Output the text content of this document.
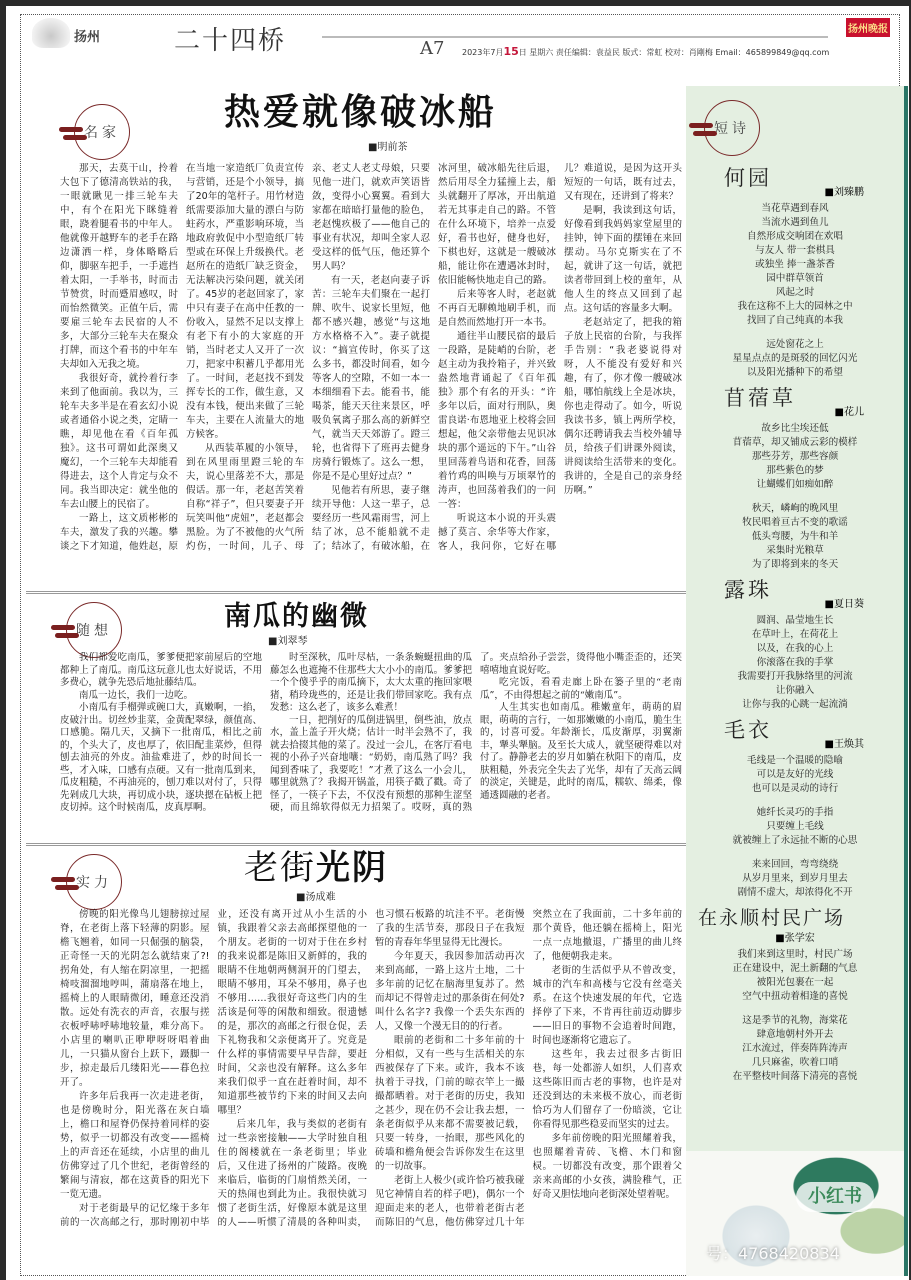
扬州	二十四桥	A7 2023年7月15日 星期六 责任编辑：袁益民 版式：常虹 校对：肖剛梅 Email：465899849@qq.com
扬州晚报
名家	热爱就像破冰船
■明前茶

那天，去莫干山，拎着大包下了德清高铁站的我，一眼就瞅见一排三轮车夫中，有个在阳光下眯缝着眼，跷着腿看书的中年人。他就像开越野车的老手在路边潇洒一样，身体略略后仰，脚驱车把手，一手遮挡着太阳，一手举书，时而击节赞赏，时而蹙眉感叹，时而怡然微笑。正值午后，需要雇三轮车去民宿的人不多，大部分三轮车夫在聚众打牌，而这个看书的中年车夫却如入无我之境。

我很好奇，就拎着行李来到了他面前。我以为，三轮车夫多半是在看玄幻小说或者通俗小说之类，定睛一瞧，却见他在看《百年孤独》。这书可谓如此深奥又魔幻，一个三轮车夫却能看得进去，这个人肯定与众不同。我当即决定：就坐他的车去山腰上的民宿了。

一路上，这文质彬彬的车夫，激发了我的兴趣。攀谈之下才知道，他姓赵，原在当地一家造纸厂负责宣传与营销，还是个小领导，搞了20年的笔杆子。用竹材造纸需要添加大量的漂白与防蛀药水，严重影响环境，当地政府敦促中小型造纸厂转型或在环保上升级换代。老赵所在的造纸厂缺乏资金，无法解决污染问题，就关闭了。45岁的老赵回家了，家中只有妻子在高中任教的一份收入，显然不足以支撑上有老下有小的大家庭的开销，当时老丈人又开了一次刀，把家中积蓄几乎都用光了。一时间，老赵找不到发挥专长的工作，做生意，又没有本钱，便出来做了三轮车夫，主要在人流量大的地方候客。

从西装革履的小领导，到在风里雨里蹬三轮的车夫，说心里落差不大，那是假话。那一年，老赵苦笑着自称“祥子”，但只要妻子开玩笑叫他“虎妞”，老赵都会黑脸。为了不被他的火气所灼伤，一时间，儿子、母亲、老丈人老丈母娘，只要见他一进门，就欢声笑语皆敛，变得小心翼翼。看到大家都在暗暗打量他的脸色，老赵愧疚极了——他自己的事业有状况，却叫全家人忍受这样的低气压，他还算个男人吗？

有一天，老赵向妻子诉苦：三轮车夫们聚在一起打牌、吹牛、说家长里短，他都不感兴趣，感觉“与这地方水格格不入”。妻子就提议：“搞宣传时，你买了这么多书，都没时间看，如今等客人的空隙，不如一本一本细细看下去。能看书，能喝茶，能天天往来景区，呼吸负氧离子那么高的新鲜空气，就当天天郊游了。蹬三轮，也省得下了班再去健身房骑行锻炼了。这么一想，你是不是心里好过点？”

见他若有所思，妻子继续开导他：人这一辈子，总要经历一些风霜雨雪，河上结了冰，总不能船就不走了；结冰了，有破冰船，在冰河里，破冰船先往后退，然后用尽全力猛撞上去，船头就翻开了厚冰，开出航道若无其事走自己的路。不管在什么环境下，培养一点爱好，看书也好，健身也好，下棋也好，这就是一艘破冰船，能让你在遭遇冰封时，依旧能畅快地走自己的路。

后来等客人时，老赵就不再百无聊赖地刷手机，而是自然而然地打开一本书。

通往半山腰民宿的最后一段路，是陡峭的台阶，老赵主动为我拎箱子，并兴致盎然地背诵起了《百年孤独》那个有名的开头：“许多年以后，面对行刑队，奥雷良诺·布恩地亚上校将会回想起，他父亲带他去见识冰块的那个遥远的下午。”山谷里回荡着鸟语和花香，回荡着竹鸡的叫唤与万顷翠竹的涛声，也回荡着我们的一问一答：

听说这本小说的开头震撼了莫言、余华等大作家，客人，我问你，它好在哪儿？难道说，是因为这开头短短的一句话，既有过去，又有现在，还讲到了将来？

是啊，我读到这句话，好像看到我妈妈家堂屋里的挂钟，钟下面的摆锤在来回摆动。马尔克斯实在了不起，就讲了这一句话，就把读者带回到上校的童年，从他人生的终点又回到了起点。这句话的容量多大啊。

老赵站定了，把我的箱子放上民宿的台阶，与我挥手告别：“我老婆说得对呀，人不能没有爱好和兴趣，有了，你才像一艘破冰船，哪怕航线上全是冰块，你也走得动了。如今，听说我读书多，镇上两所学校，偶尔还聘请我去当校外辅导员，给孩子们讲课外阅读，讲阅读给生活带来的变化。我讲的，全是自己的亲身经历啊。”

随想	南瓜的幽微
■刘翠琴

我们都爱吃南瓜，爹爹便把家前屋后的空地都种上了南瓜。南瓜这玩意儿也太好说话，不用多费心，就争先恐后地扯藤结瓜。

南瓜一边长，我们一边吃。

小南瓜有手榴弹或碗口大，真嫩啊，一掐，皮破汁出。切丝炒韭菜，金黄配翠绿，颜值高、口感脆。隔几天，又摘下一批南瓜，相比之前的，个头大了，皮也厚了，依旧配韭菜炒，但得刨去油亮的外皮。油盐难进了，炒的时间长一些，才入味，口感有点硬。又有一批南瓜到来，瓜皮粗糙，不再油亮的，刨刀难以对付了，只得先剁成几大块，再切成小块，逐块摁在砧板上把皮切掉。这个时候南瓜，皮真厚啊。

时至深秋，瓜叶尽枯，一条条蜿蜒扭曲的瓜藤怎么也遮掩不住那些大大小小的南瓜。爹爹把一个个傻乎乎的南瓜摘下，太大太重的拖回家喂猪，稍玲珑些的，还是让我们带回家吃。我有点发愁：这么老了，该多么难煮！

一日，把削好的瓜倒进锅里，倒些油，放点水，盖上盖子开火烧；估计一时半会熟不了，我就去拾掇其他的菜了。没过一会儿，在客厅看电视的小孙子兴奋地嚷：“奶奶，南瓜熟了吗？我闻到香味了，我要吃！”才煮了这么一小会儿，哪里就熟了？我揭开锅盖，用筷子戳了戳。奇了怪了，一筷子下去，不仅没有预想的那种生涩坚硬，而且绵软得似无力招架了。哎呀，真的熟了。夹点给孙子尝尝，烫得他小嘴歪歪的，还笑嘻嘻地直说好吃。

吃完饭，看看走廊上卧在篓子里的“老南瓜”，不由得想起之前的“嫩南瓜”。

人生其实也如南瓜。稚嫩童年，萌萌的眉眼，萌萌的言行，一如那嫩嫩的小南瓜，脆生生的，讨喜可爱。年龄渐长，瓜皮渐厚，羽翼渐丰，犟头犟脑。及至长大成人，就坚硬得难以对付了。静静老去的岁月如躺在秋阳下的南瓜，皮肤粗糙，外表完全失去了光华，却有了天高云阔的淡定，关键是，此时的南瓜，糯软、绵柔，像通透圆融的老者。

实力	老街光阴
■汤成难

傍晚的阳光像鸟儿翅膀掠过屋脊，在老街上落下轻薄的阴影。屋檐飞翘着，如同一只倔强的脑袋，正奇怪一天的光阴怎么就结束了?! 拐角处，有人缩在阴凉里，一把摇椅吱溜溜地哼叫，蒲扇落在地上，摇椅上的人眼睛微闭，睡意还没消散。远处有洗衣的声音，衣服与搓衣板呼哧呼哧地较量，难分高下。小店里的喇叭正咿咿呀呀唱着曲儿，一只猫从窗台上跃下，蹑脚一步，掠走最后几缕阳光——暮色拉开了。

许多年后我再一次走进老街，也是傍晚时分，阳光落在灰白墙上，檐口和屋脊仍保持着同样的姿势，似乎一切都没有改变——摇椅上的声音还在延续，小店里的曲儿仿佛穿过了几个世纪，老街曾经的繁闹与清寂，都在这黄昏的阳光下一览无遗。

对于老街最早的记忆缘于多年前的一次高邮之行，那时刚初中毕业，还没有离开过从小生活的小镇，我跟着父亲去高邮探望他的一个朋友。老街的一切对于住在乡村的我来说都是陈旧又新鲜的，我的眼睛不住地朝两侧洞开的门望去，眼睛不够用，耳朵不够用，鼻子也不够用……我很好奇这些门内的生活该是何等的闲散和细致。很遗憾的是，那次的高邮之行很仓促，丢下礼物我和父亲便离开了。究竟是什么样的事情需要早早告辞，要赶时间，父亲也没有解释。这么多年来我们似乎一直在赶着时间，却不知道那些被节约下来的时间又去向哪里？

后来几年，我与类似的老街有过一些亲密接触——大学时独自租住的阁楼就在一条老街里；毕业后，又住进了扬州的广陵路。夜晚来临后，临街的门扇悄然关闭，一天的热闹也到此为止。我很快就习惯了老街生活，好像原本就是这里的人——听惯了清晨的各种叫卖，也习惯石板路的坑洼不平。老街慢了我的生活节奏，那段日子在我短暂的青春年华里显得无比漫长。

今年夏天，我因参加活动再次来到高邮，一路上这片土地，二十多年前的记忆在脑海里复苏了。然而却记不得曾走过的那条街在何处? 叫什么名字? 我像一个丢失东西的人，又像一个漫无目的的行者。

眼前的老街和二十多年前的十分相似，又有一些与生活相关的东西被保存了下来。或许，我本不该执着于寻找，门前的晾衣竿上一撮撮都晒着。对于老街的历史，我知之甚少，现在仍不会让我去想，一条老街似乎从来都不需要被记载，只要一转身，一抬眼，那些风化的砖墙和檐角便会告诉你发生在这里的一切故事。

老街上人极少(或许恰巧被我碰见它神情自若的样子吧)，偶尔一个迎面走来的老人，也带着老街古老而陈旧的气息，他仿佛穿过几十年突然立在了我面前，二十多年前的那个黄昏，他还躺在摇椅上，阳光一点一点地撤退，广播里的曲儿终了，他便朝我走来。

老街的生活似乎从不曾改变，城市的汽车和高楼与它没有丝毫关系。在这个快速发展的年代，它选择停了下来，不肯再往前迈动脚步——旧日的事物不会追着时间跑，时间也逐渐将它遗忘了。

这些年，我去过很多古街旧巷，每一处都游人如织，人们喜欢这些陈旧而古老的事物，也许是对还没到达的未来极不放心，而老街恰巧为人们留存了一份暗淡，它让你看得见那些稳妥而坚实的过去。

多年前傍晚的阳光照耀着我，也照耀着青砖、飞檐、木门和窗棂。一切都没有改变，那个跟着父亲来高邮的小女孩，满脸稚气，正好奇又胆怯地向老街深处望着呢。

短诗
何园
■刘臻鹏
当花草遇到春风
当流水遇到鱼儿
自然形成交响团在欢唱
与友人 带一套棋具
或独坐 捧一盏茶香
园中群草领首
风起之时
我在这称不上大的园林之中
找回了自己纯真的本我
远处窗花之上
星星点点的是斑驳的回忆闪光
以及阳光播种下的希望
苜蓿草
■花儿
故乡比尘埃还低
苜蓿草，却又铺成云彩的模样
那些芬芳，那些容颜
那些紫色的梦
让蝴蝶们如痴如醉
秋天，嶙峋的晚风里
牧民唱着亘古不变的歌谣
低头弯腰，为牛和羊
采集时光粮草
为了即将到来的冬天
露珠
■夏日葵
圆润、晶莹地生长
在草叶上，在荷花上
以及，在我的心上
你滚落在我的手掌
我需要打开我脉络里的河流
让你融入
让你与我的心跳一起流淌
毛衣
■王焕其
毛线是一个温暖的隐喻
可以是友好的光线
也可以是灵动的诗行
她纤长灵巧的手指
只要缠上毛线
就被缠上了永远扯不断的心思
来来回回，弯弯绕绕
从岁月里来，到岁月里去
剧情不虚大，却浓得化不开
在永顺村民广场
■张学宏
我们来到这里时，村民广场
正在建设中，泥土新翻的气息
被阳光包裹在一起
空气中扭动着相逢的喜悦
这是季节的礼物，海棠花
肆意地朝村外开去
江水流过，伴奏阵阵涛声
几只麻雀，吹着口哨
在平整枝叶间落下清亮的喜悦
小红书
号：4768420834
